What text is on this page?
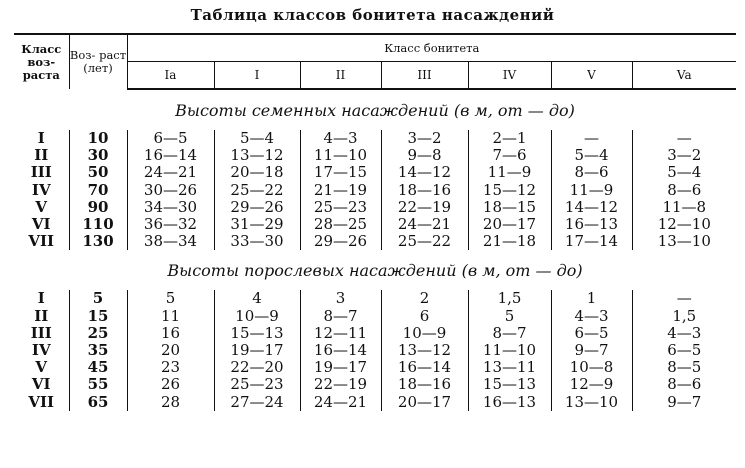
Таблица классов бонитета насаждений
Класс воз- раста	Воз- раст (лет)	Класс бонитета						
		Ia	I	II	III	IV	V	Va
Высоты семенных насаждений (в м, от — до)								
I	10	6—5	5—4	4—3	3—2	2—1	—	—
II	30	16—14	13—12	11—10	9—8	7—6	5—4	3—2
III	50	24—21	20—18	17—15	14—12	11—9	8—6	5—4
IV	70	30—26	25—22	21—19	18—16	15—12	11—9	8—6
V	90	34—30	29—26	25—23	22—19	18—15	14—12	11—8
VI	110	36—32	31—29	28—25	24—21	20—17	16—13	12—10
VII	130	38—34	33—30	29—26	25—22	21—18	17—14	13—10
Высоты порослевых насаждений (в м, от — до)								
I	5	5	4	3	2	1,5	1	—
II	15	11	10—9	8—7	6	5	4—3	1,5
III	25	16	15—13	12—11	10—9	8—7	6—5	4—3
IV	35	20	19—17	16—14	13—12	11—10	9—7	6—5
V	45	23	22—20	19—17	16—14	13—11	10—8	8—5
VI	55	26	25—23	22—19	18—16	15—13	12—9	8—6
VII	65	28	27—24	24—21	20—17	16—13	13—10	9—7
